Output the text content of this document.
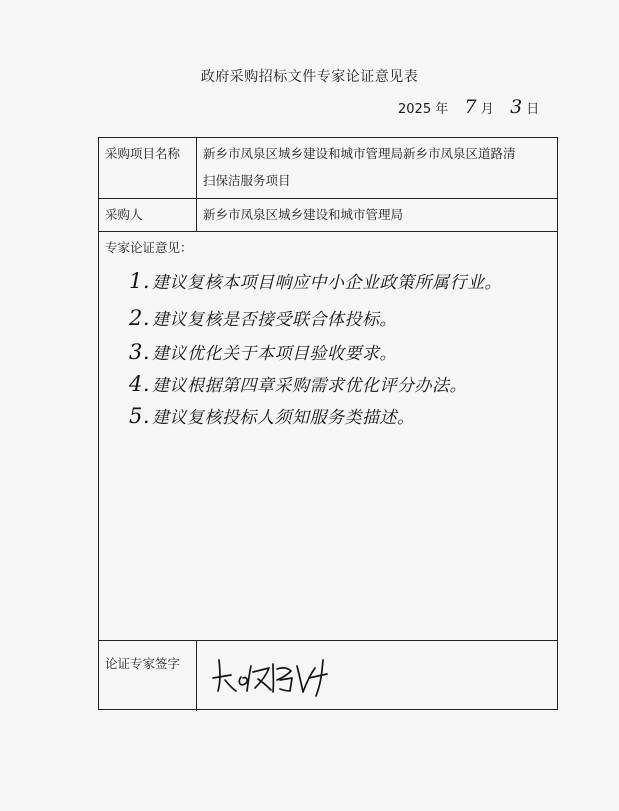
政府采购招标文件专家论证意见表
2025 年 7 月 3 日
采购项目名称 新乡市凤泉区城乡建设和城市管理局新乡市凤泉区道路清
扫保洁服务项目
采购人	新乡市凤泉区城乡建设和城市管理局
专家论证意见：
1. 建议复核本项目响应中小企业政策所属行业。
2. 建议复核是否接受联合体投标。
3. 建议优化关于本项目验收要求。
4. 建议根据第四章采购需求优化评分办法。
5. 建议复核投标人须知服务类描述。
论证专家签字
